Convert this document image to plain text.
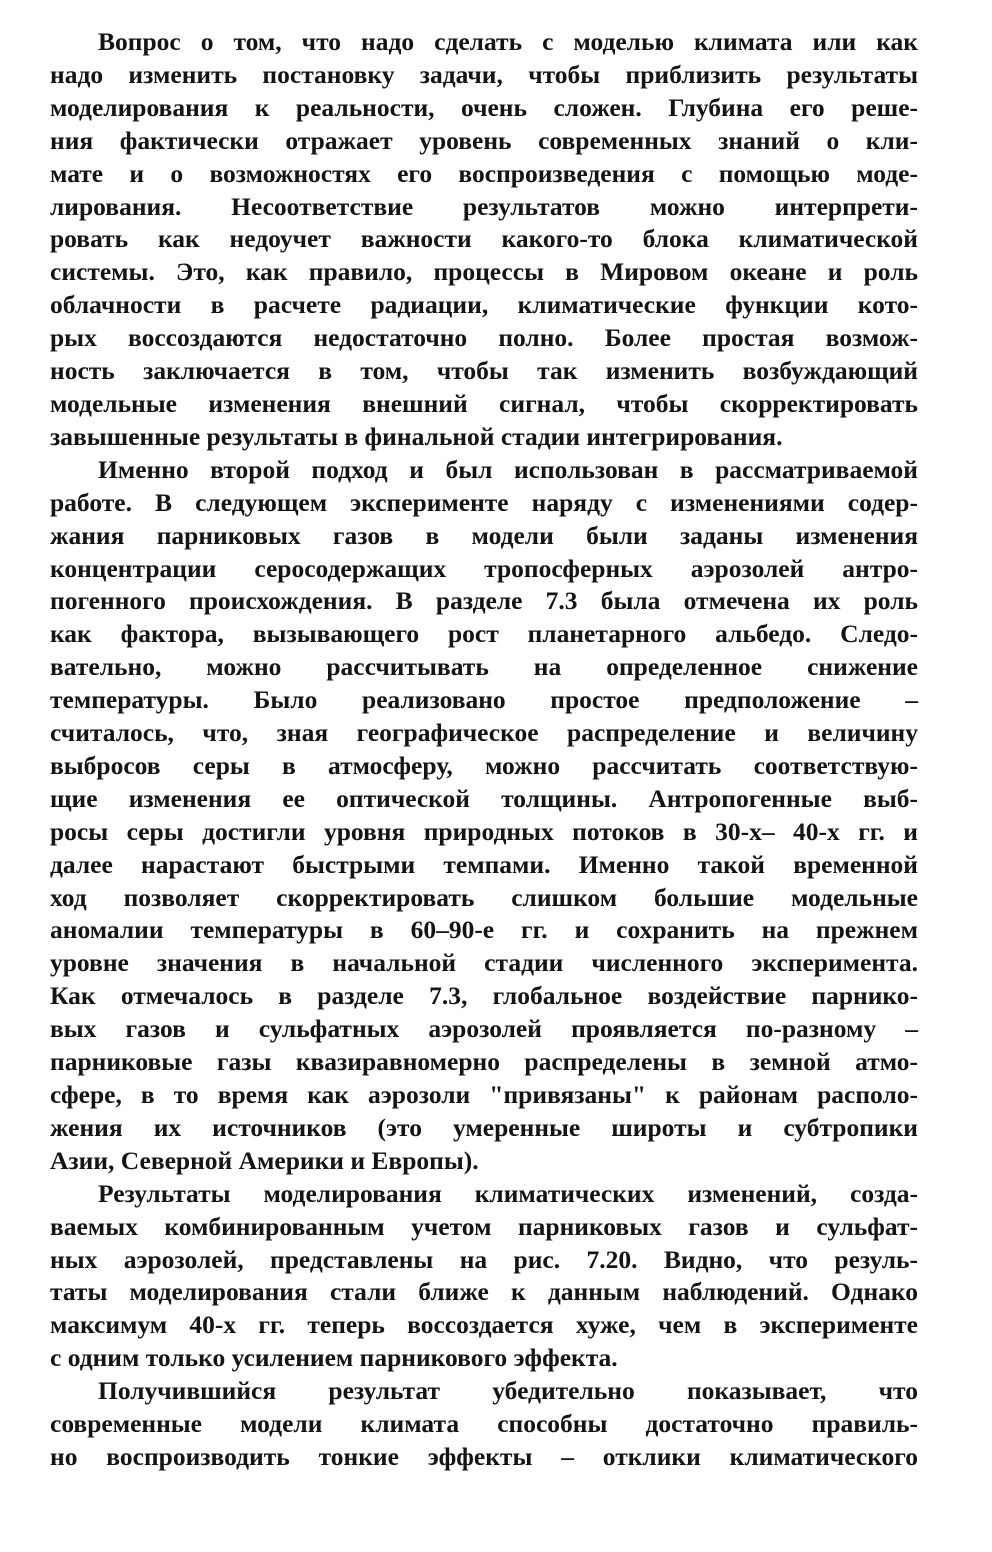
Вопрос о том, что надо сделать с моделью климата или как
надо изменить постановку задачи, чтобы приблизить результаты
моделирования к реальности, очень сложен. Глубина его реше-
ния фактически отражает уровень современных знаний о кли-
мате и о возможностях его воспроизведения с помощью моде-
лирования. Несоответствие результатов можно интерпрети-
ровать как недоучет важности какого-то блока климатической
системы. Это, как правило, процессы в Мировом океане и роль
облачности в расчете радиации, климатические функции кото-
рых воссоздаются недостаточно полно. Более простая возмож-
ность заключается в том, чтобы так изменить возбуждающий
модельные изменения внешний сигнал, чтобы скорректировать
завышенные результаты в финальной стадии интегрирования.
Именно второй подход и был использован в рассматриваемой
работе. В следующем эксперименте наряду с изменениями содер-
жания парниковых газов в модели были заданы изменения
концентрации серосодержащих тропосферных аэрозолей антро-
погенного происхождения. В разделе 7.3 была отмечена их роль
как фактора, вызывающего рост планетарного альбедо. Следо-
вательно, можно рассчитывать на определенное снижение
температуры. Было реализовано простое предположение –
считалось, что, зная географическое распределение и величину
выбросов серы в атмосферу, можно рассчитать соответствую-
щие изменения ее оптической толщины. Антропогенные выб-
росы серы достигли уровня природных потоков в 30-х– 40-х гг. и
далее нарастают быстрыми темпами. Именно такой временной
ход позволяет скорректировать слишком большие модельные
аномалии температуры в 60–90-е гг. и сохранить на прежнем
уровне значения в начальной стадии численного эксперимента.
Как отмечалось в разделе 7.3, глобальное воздействие парнико-
вых газов и сульфатных аэрозолей проявляется по-разному –
парниковые газы квазиравномерно распределены в земной атмо-
сфере, в то время как аэрозоли "привязаны" к районам располо-
жения их источников (это умеренные широты и субтропики
Азии, Северной Америки и Европы).
Результаты моделирования климатических изменений, созда-
ваемых комбинированным учетом парниковых газов и сульфат-
ных аэрозолей, представлены на рис. 7.20. Видно, что резуль-
таты моделирования стали ближе к данным наблюдений. Однако
максимум 40-х гг. теперь воссоздается хуже, чем в эксперименте
с одним только усилением парникового эффекта.
Получившийся результат убедительно показывает, что
современные модели климата способны достаточно правиль-
но воспроизводить тонкие эффекты – отклики климатического
